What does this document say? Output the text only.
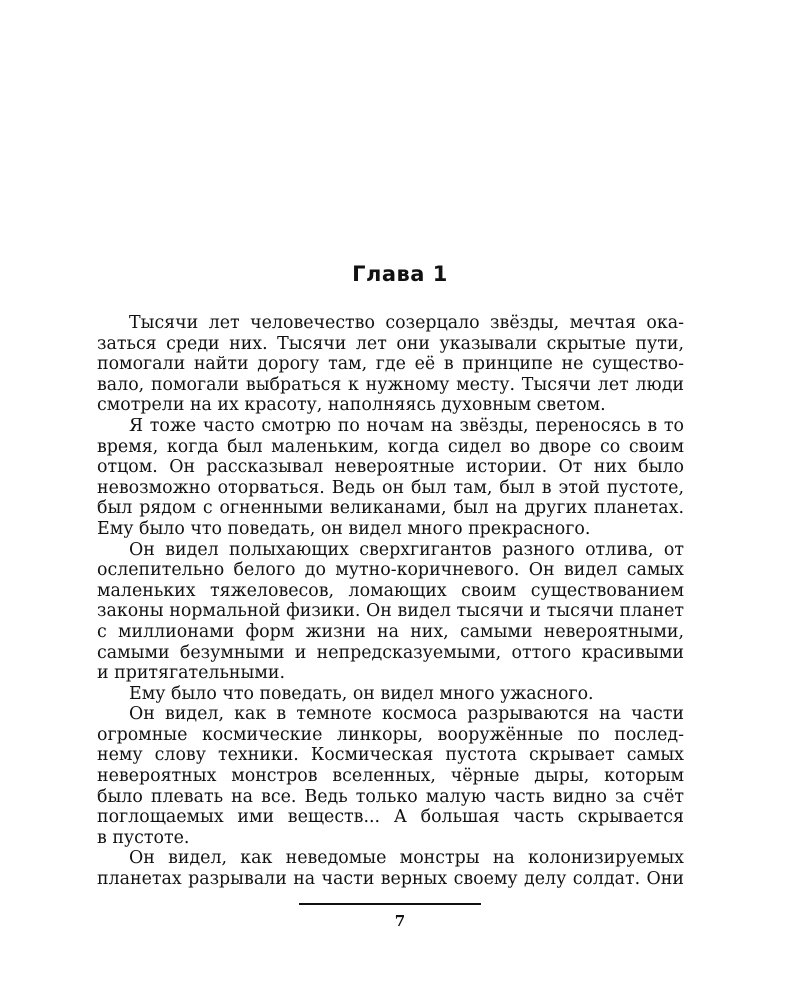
Глава 1
Тысячи лет человечество созерцало звёзды, мечтая ока-
заться среди них. Тысячи лет они указывали скрытые пути,
помогали найти дорогу там, где её в принципе не существо-
вало, помогали выбраться к нужному месту. Тысячи лет люди
смотрели на их красоту, наполняясь духовным светом.
Я тоже часто смотрю по ночам на звёзды, переносясь в то
время, когда был маленьким, когда сидел во дворе со своим
отцом. Он рассказывал невероятные истории. От них было
невозможно оторваться. Ведь он был там, был в этой пустоте,
был рядом с огненными великанами, был на других планетах.
Ему было что поведать, он видел много прекрасного.
Он видел полыхающих сверхгигантов разного отлива, от
ослепительно белого до мутно-коричневого. Он видел самых
маленьких тяжеловесов, ломающих своим существованием
законы нормальной физики. Он видел тысячи и тысячи планет
с миллионами форм жизни на них, самыми невероятными,
самыми безумными и непредсказуемыми, оттого красивыми
и притягательными.
Ему было что поведать, он видел много ужасного.
Он видел, как в темноте космоса разрываются на части
огромные космические линкоры, вооружённые по послед-
нему слову техники. Космическая пустота скрывает самых
невероятных монстров вселенных, чёрные дыры, которым
было плевать на все. Ведь только малую часть видно за счёт
поглощаемых ими веществ... А большая часть скрывается
в пустоте.
Он видел, как неведомые монстры на колонизируемых
планетах разрывали на части верных своему делу солдат. Они
7
